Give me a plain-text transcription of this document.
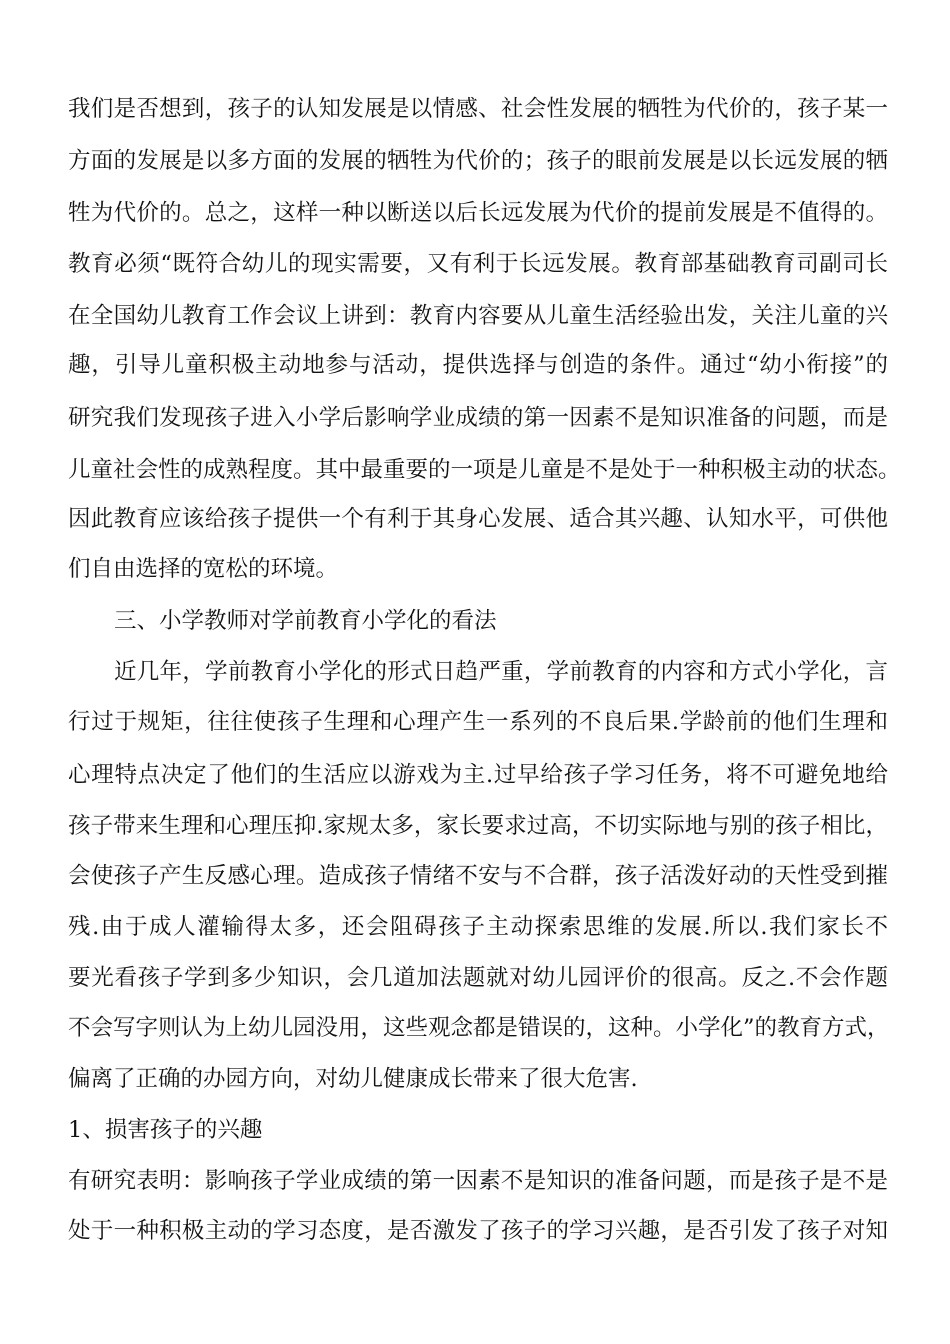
我们是否想到，孩子的认知发展是以情感、社会性发展的牺牲为代价的，孩子某一
方面的发展是以多方面的发展的牺牲为代价的；孩子的眼前发展是以长远发展的牺
牲为代价的。总之，这样一种以断送以后长远发展为代价的提前发展是不值得的。
教育必须“既符合幼儿的现实需要，又有利于长远发展。教育部基础教育司副司长
在全国幼儿教育工作会议上讲到：教育内容要从儿童生活经验出发，关注儿童的兴
趣，引导儿童积极主动地参与活动，提供选择与创造的条件。通过“幼小衔接”的
研究我们发现孩子进入小学后影响学业成绩的第一因素不是知识准备的问题，而是
儿童社会性的成熟程度。其中最重要的一项是儿童是不是处于一种积极主动的状态。
因此教育应该给孩子提供一个有利于其身心发展、适合其兴趣、认知水平，可供他
们自由选择的宽松的环境。
三、小学教师对学前教育小学化的看法
近几年，学前教育小学化的形式日趋严重，学前教育的内容和方式小学化，言
行过于规矩，往往使孩子生理和心理产生一系列的不良后果.学龄前的他们生理和
心理特点决定了他们的生活应以游戏为主.过早给孩子学习任务，将不可避免地给
孩子带来生理和心理压抑.家规太多，家长要求过高，不切实际地与别的孩子相比，
会使孩子产生反感心理。造成孩子情绪不安与不合群，孩子活泼好动的天性受到摧
残.由于成人灌输得太多，还会阻碍孩子主动探索思维的发展.所以.我们家长不
要光看孩子学到多少知识，会几道加法题就对幼儿园评价的很高。反之.不会作题
不会写字则认为上幼儿园没用，这些观念都是错误的，这种。小学化”的教育方式，
偏离了正确的办园方向，对幼儿健康成长带来了很大危害.
1、损害孩子的兴趣
有研究表明：影响孩子学业成绩的第一因素不是知识的准备问题，而是孩子是不是
处于一种积极主动的学习态度，是否激发了孩子的学习兴趣，是否引发了孩子对知
